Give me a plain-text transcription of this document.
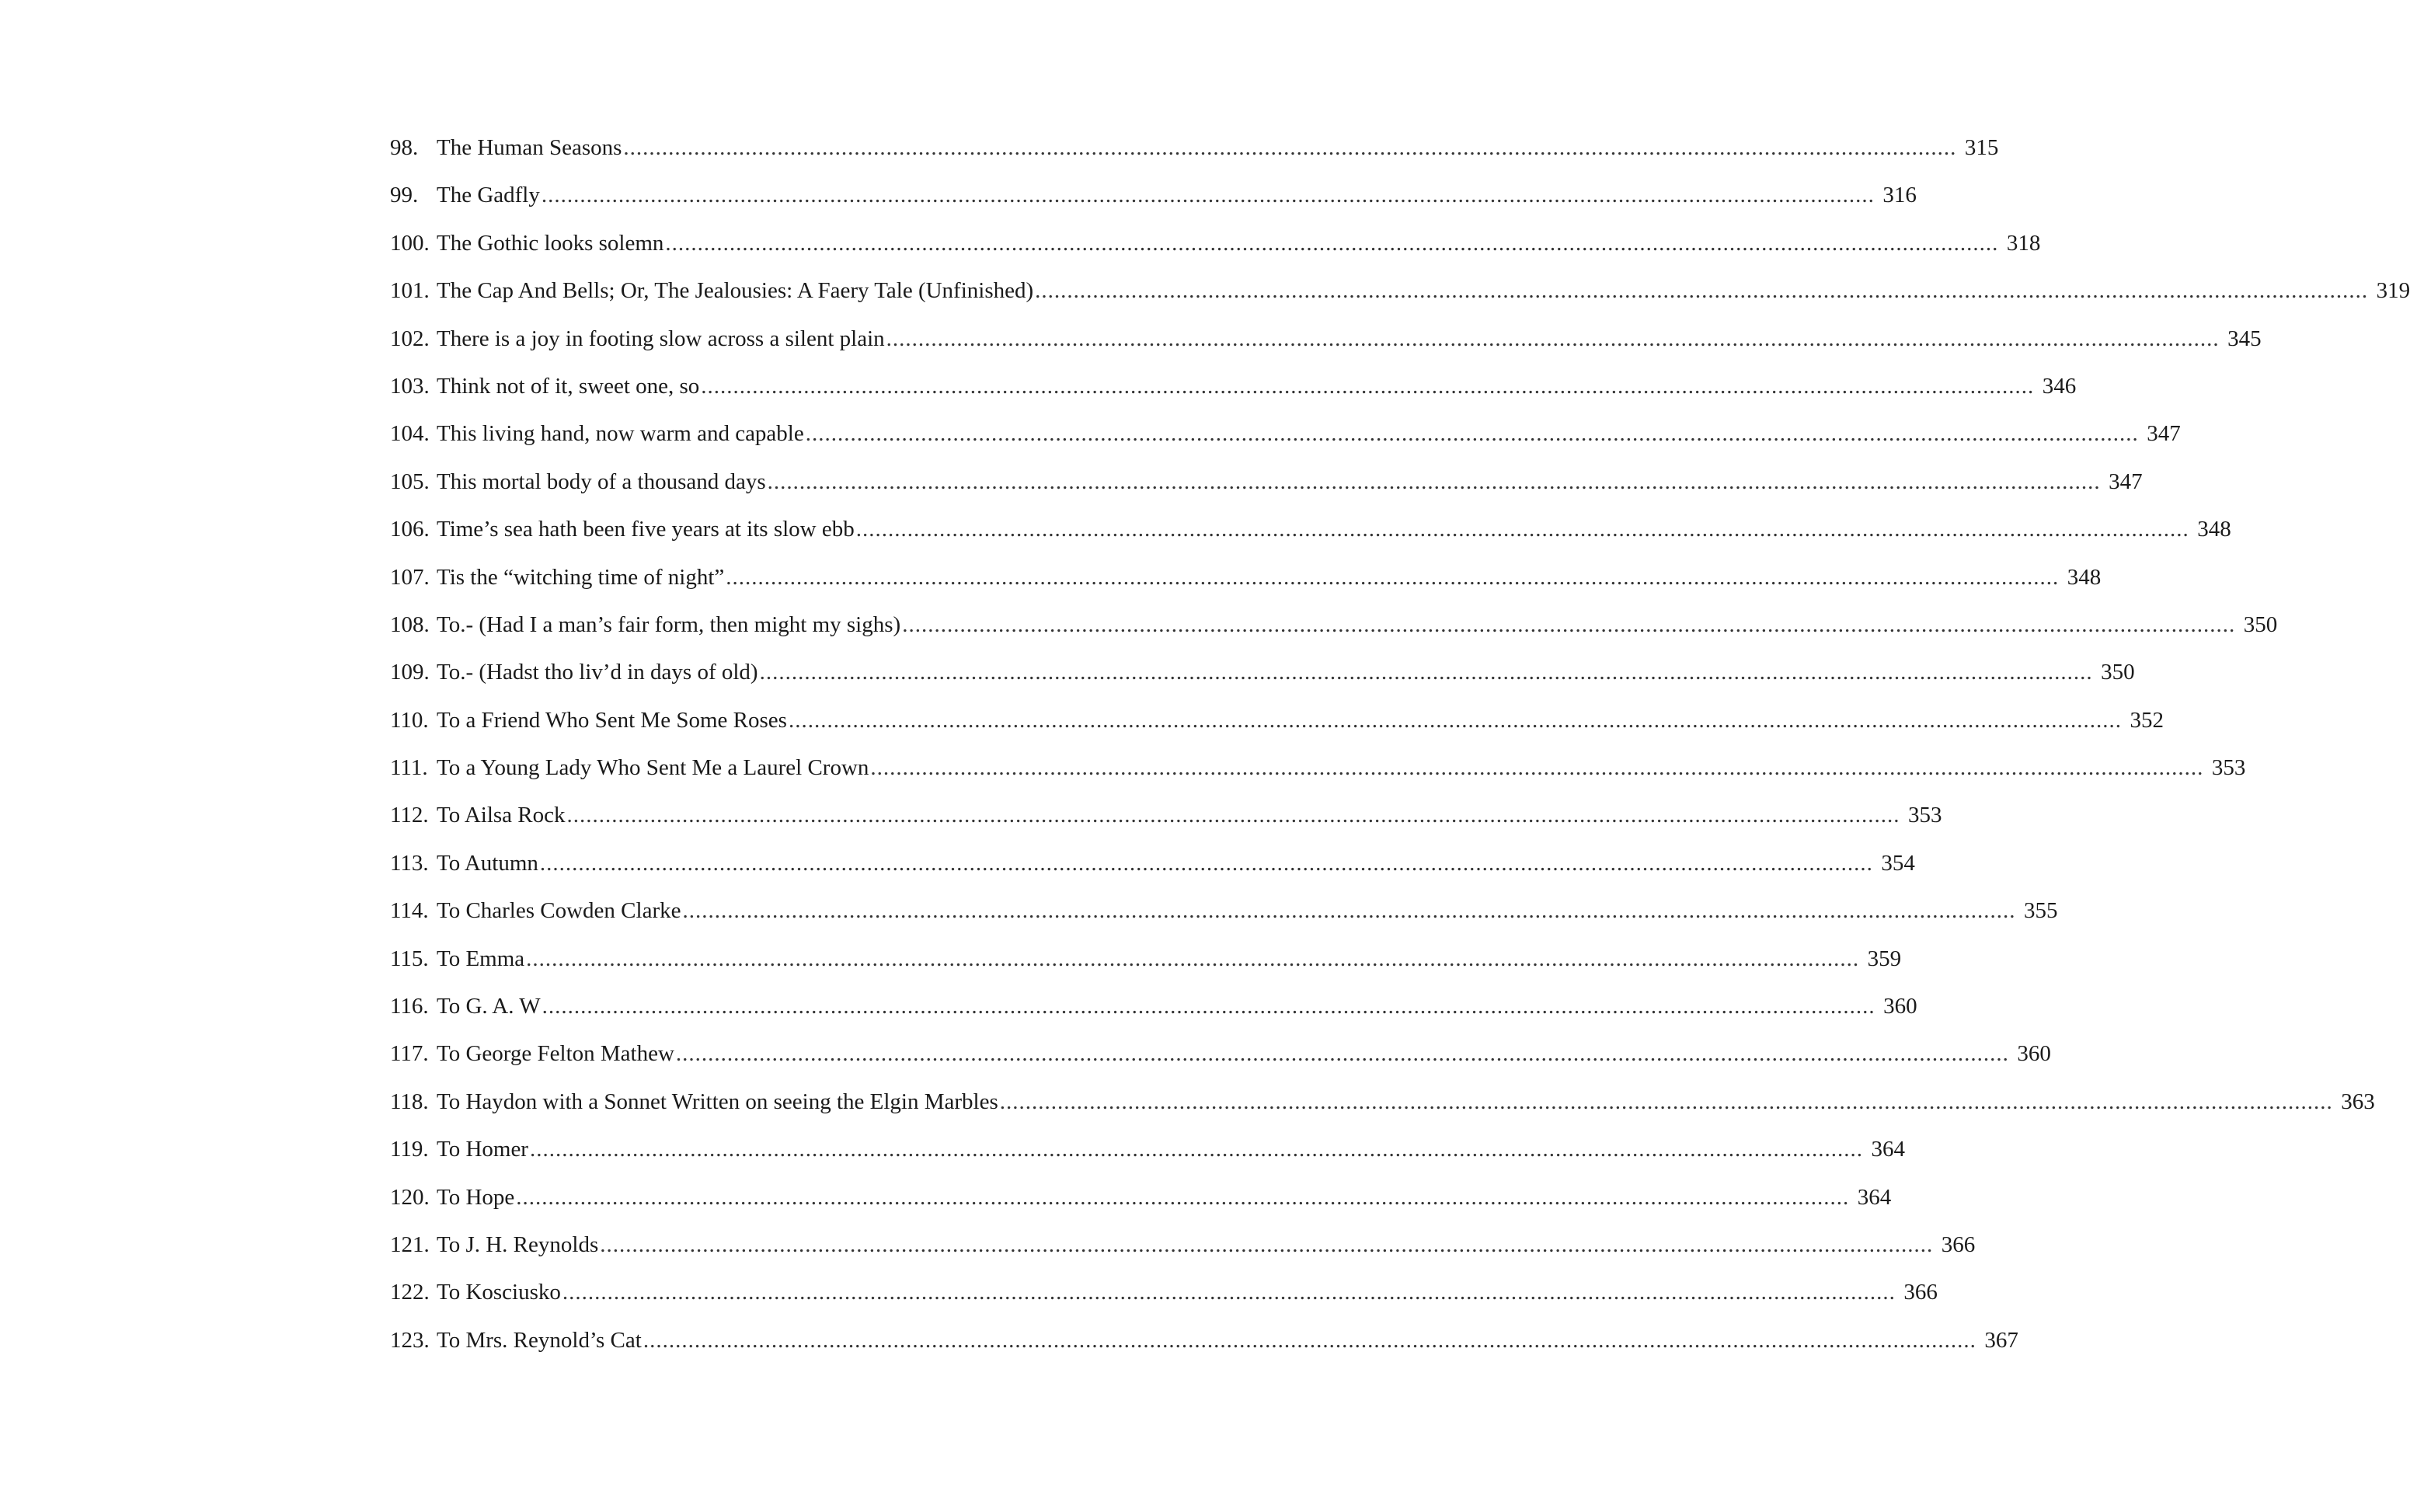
98. The Human Seasons .....	315
99. The Gadfly .....	316
100. The Gothic looks solemn .....	318
101. The Cap And Bells; Or, The Jealousies: A Faery Tale (Unfinished) .....	319
102. There is a joy in footing slow across a silent plain .....	345
103. Think not of it, sweet one, so .....	346
104. This living hand, now warm and capable .....	347
105. This mortal body of a thousand days .....	347
106. Time’s sea hath been five years at its slow ebb .....	348
107. Tis the “witching time of night” .....	348
108. To.- (Had I a man’s fair form, then might my sighs) .....	350
109. To.- (Hadst tho liv’d in days of old) .....	350
110. To a Friend Who Sent Me Some Roses .....	352
111. To a Young Lady Who Sent Me a Laurel Crown .....	353
112. To Ailsa Rock .....	353
113. To Autumn .....	354
114. To Charles Cowden Clarke .....	355
115. To Emma .....	359
116. To G. A. W .....	360
117. To George Felton Mathew .....	360
118. To Haydon with a Sonnet Written on seeing the Elgin Marbles .....	363
119. To Homer .....	364
120. To Hope .....	364
121. To J. H. Reynolds .....	366
122. To Kosciusko .....	366
123. To Mrs. Reynold’s Cat .....	367
